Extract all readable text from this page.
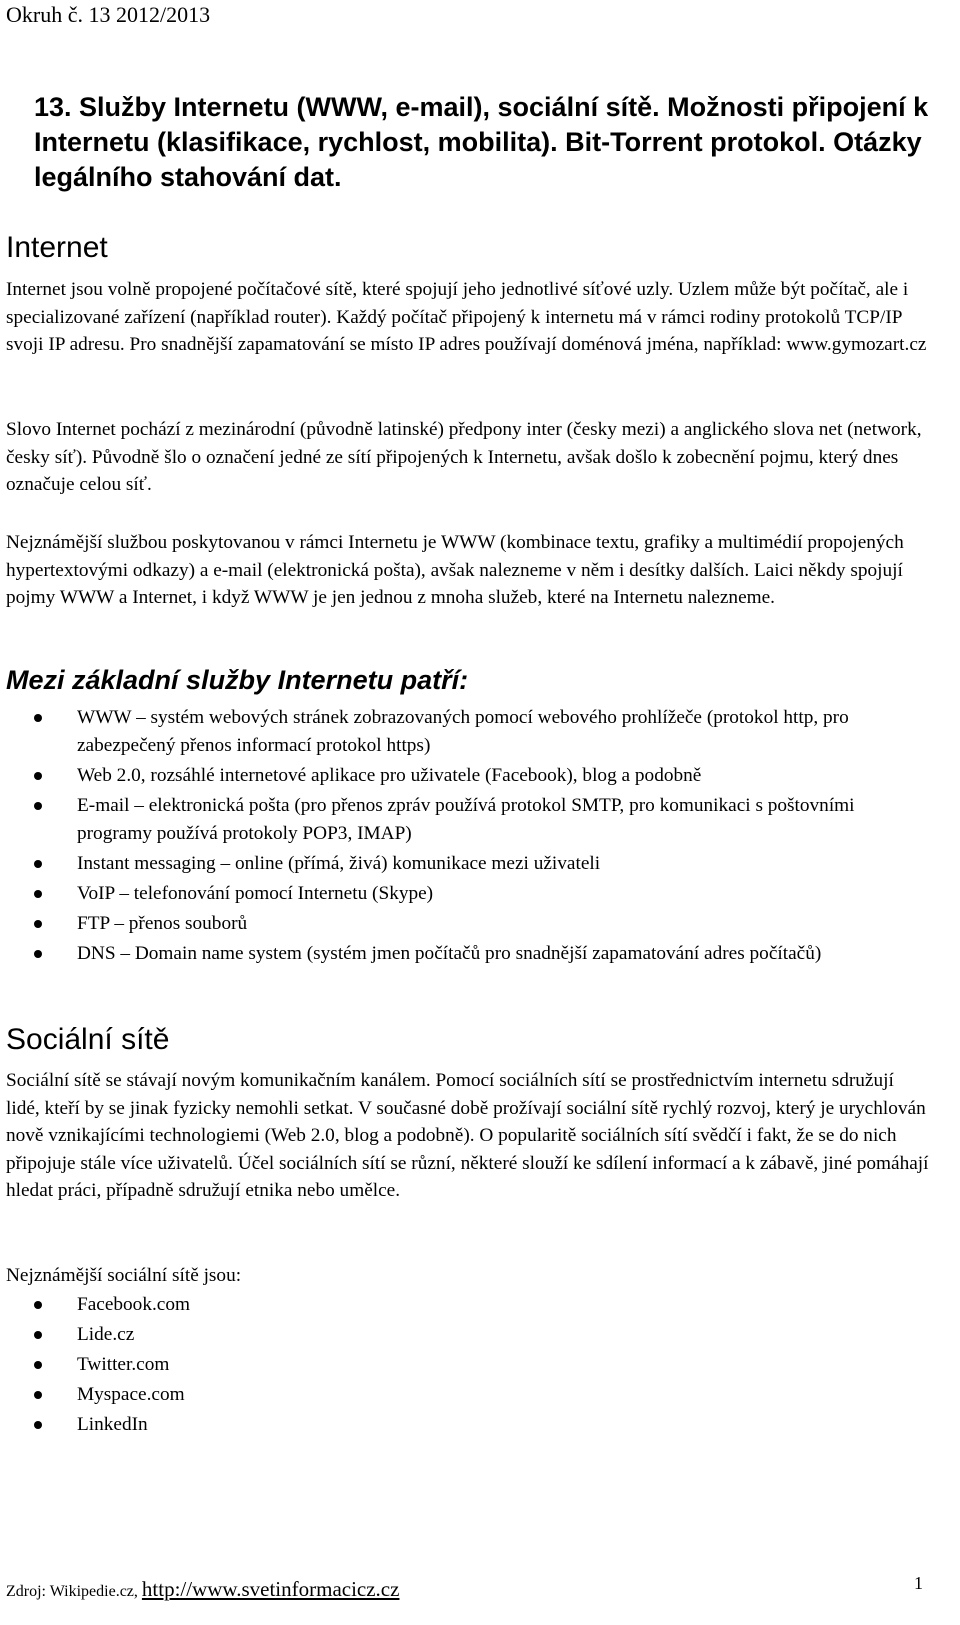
Okruh č. 13 2012/2013
13. Služby Internetu (WWW, e-mail), sociální sítě. Možnosti připojení k Internetu (klasifikace, rychlost, mobilita). Bit-Torrent protokol. Otázky legálního stahování dat.
Internet

Internet jsou volně propojené počítačové sítě, které spojují jeho jednotlivé síťové uzly. Uzlem může být počítač, ale i specializované zařízení (například router). Každý počítač připojený k internetu má v rámci rodiny protokolů TCP/IP svoji IP adresu. Pro snadnější zapamatování se místo IP adres používají doménová jména, například: www.gymozart.cz

Slovo Internet pochází z mezinárodní (původně latinské) předpony inter (česky mezi) a anglického slova net (network, česky síť). Původně šlo o označení jedné ze sítí připojených k Internetu, avšak došlo k zobecnění pojmu, který dnes označuje celou síť.

Nejznámější službou poskytovanou v rámci Internetu je WWW (kombinace textu, grafiky a multimédií propojených hypertextovými odkazy) a e-mail (elektronická pošta), avšak nalezneme v něm i desítky dalších. Laici někdy spojují pojmy WWW a Internet, i když WWW je jen jednou z mnoha služeb, které na Internetu nalezneme.

Mezi základní služby Internetu patří:
WWW – systém webových stránek zobrazovaných pomocí webového prohlížeče (protokol http, pro zabezpečený přenos informací protokol https)
Web 2.0, rozsáhlé internetové aplikace pro uživatele (Facebook), blog a podobně
E-mail – elektronická pošta (pro přenos zpráv používá protokol SMTP, pro komunikaci s poštovními programy používá protokoly POP3, IMAP)
Instant messaging – online (přímá, živá) komunikace mezi uživateli
VoIP – telefonování pomocí Internetu (Skype)
FTP – přenos souborů
DNS – Domain name system (systém jmen počítačů pro snadnější zapamatování adres počítačů)
Sociální sítě

Sociální sítě se stávají novým komunikačním kanálem. Pomocí sociálních sítí se prostřednictvím internetu sdružují lidé, kteří by se jinak fyzicky nemohli setkat. V současné době prožívají sociální sítě rychlý rozvoj, který je urychlován nově vznikajícími technologiemi (Web 2.0, blog a podobně). O popularitě sociálních sítí svědčí i fakt, že se do nich připojuje stále více uživatelů. Účel sociálních sítí se různí, některé slouží ke sdílení informací a k zábavě, jiné pomáhají hledat práci, případně sdružují etnika nebo umělce.

Nejznámější sociální sítě jsou:

Facebook.com
Lide.cz
Twitter.com
Myspace.com
LinkedIn
Zdroj: Wikipedie.cz, http://www.svetinformacicz.cz	1
